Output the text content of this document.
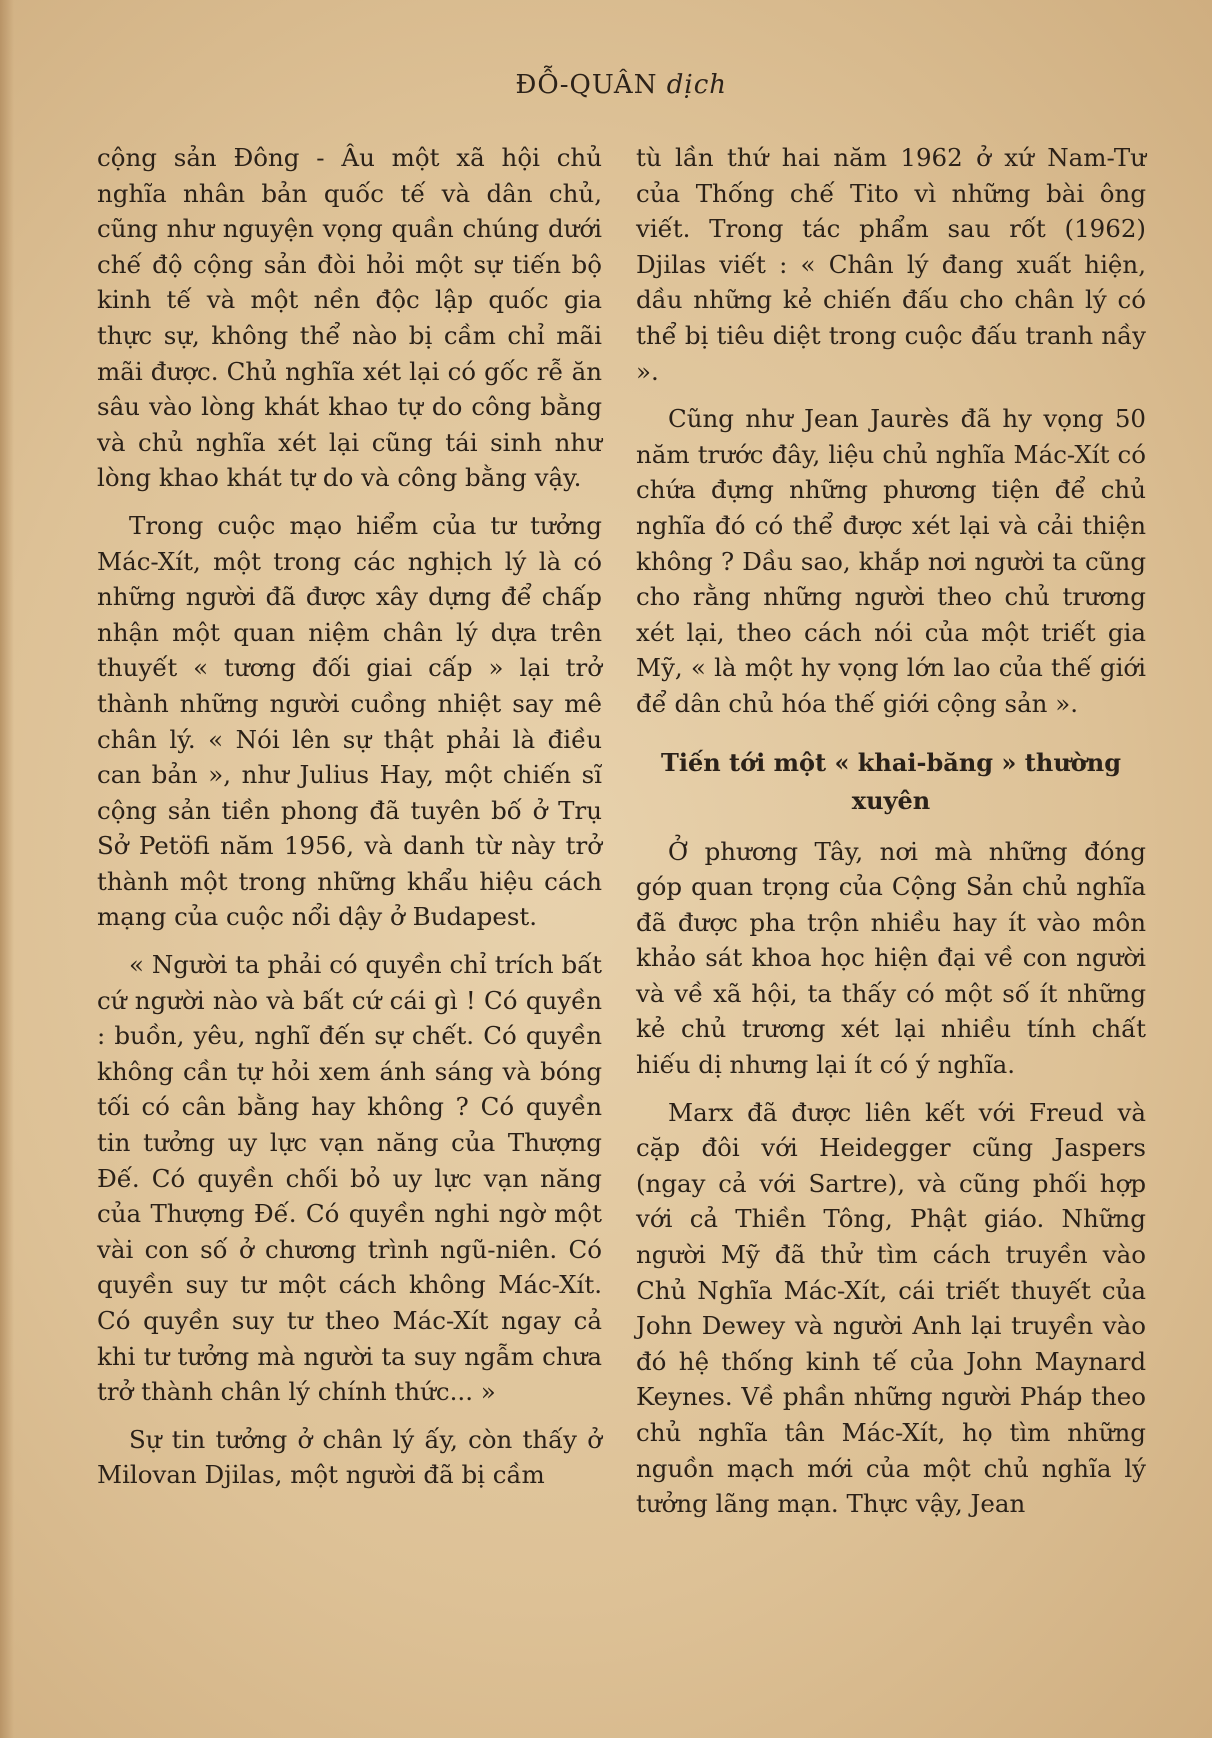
ĐỖ-QUÂN dịch

cộng sản Đông - Âu một xã hội chủ nghĩa nhân bản quốc tế và dân chủ, cũng như nguyện vọng quần chúng dưới chế độ cộng sản đòi hỏi một sự tiến bộ kinh tế và một nền độc lập quốc gia thực sự, không thể nào bị cầm chỉ mãi mãi được. Chủ nghĩa xét lại có gốc rễ ăn sâu vào lòng khát khao tự do công bằng và chủ nghĩa xét lại cũng tái sinh như lòng khao khát tự do và công bằng vậy.

Trong cuộc mạo hiểm của tư tưởng Mác-Xít, một trong các nghịch lý là có những người đã được xây dựng để chấp nhận một quan niệm chân lý dựa trên thuyết « tương đối giai cấp » lại trở thành những người cuồng nhiệt say mê chân lý. « Nói lên sự thật phải là điều can bản », như Julius Hay, một chiến sĩ cộng sản tiền phong đã tuyên bố ở Trụ Sở Petöfi năm 1956, và danh từ này trở thành một trong những khẩu hiệu cách mạng của cuộc nổi dậy ở Budapest.

« Người ta phải có quyền chỉ trích bất cứ người nào và bất cứ cái gì ! Có quyền : buồn, yêu, nghĩ đến sự chết. Có quyền không cần tự hỏi xem ánh sáng và bóng tối có cân bằng hay không ? Có quyền tin tưởng uy lực vạn năng của Thượng Đế. Có quyền chối bỏ uy lực vạn năng của Thượng Đế. Có quyền nghi ngờ một vài con số ở chương trình ngũ-niên. Có quyền suy tư một cách không Mác-Xít. Có quyền suy tư theo Mác-Xít ngay cả khi tư tưởng mà người ta suy ngẫm chưa trở thành chân lý chính thức... »

Sự tin tưởng ở chân lý ấy, còn thấy ở Milovan Djilas, một người đã bị cầm

tù lần thứ hai năm 1962 ở xứ Nam-Tư của Thống chế Tito vì những bài ông viết. Trong tác phẩm sau rốt (1962) Djilas viết : « Chân lý đang xuất hiện, dầu những kẻ chiến đấu cho chân lý có thể bị tiêu diệt trong cuộc đấu tranh nầy ».

Cũng như Jean Jaurès đã hy vọng 50 năm trước đây, liệu chủ nghĩa Mác-Xít có chứa đựng những phương tiện để chủ nghĩa đó có thể được xét lại và cải thiện không ? Dầu sao, khắp nơi người ta cũng cho rằng những người theo chủ trương xét lại, theo cách nói của một triết gia Mỹ, « là một hy vọng lớn lao của thế giới để dân chủ hóa thế giới cộng sản ».

Tiến tới một « khai-băng » thường xuyên

Ở phương Tây, nơi mà những đóng góp quan trọng của Cộng Sản chủ nghĩa đã được pha trộn nhiều hay ít vào môn khảo sát khoa học hiện đại về con người và về xã hội, ta thấy có một số ít những kẻ chủ trương xét lại nhiều tính chất hiếu dị nhưng lại ít có ý nghĩa.

Marx đã được liên kết với Freud và cặp đôi với Heidegger cũng Jaspers (ngay cả với Sartre), và cũng phối hợp với cả Thiền Tông, Phật giáo. Những người Mỹ đã thử tìm cách truyền vào Chủ Nghĩa Mác-Xít, cái triết thuyết của John Dewey và người Anh lại truyền vào đó hệ thống kinh tế của John Maynard Keynes. Về phần những người Pháp theo chủ nghĩa tân Mác-Xít, họ tìm những nguồn mạch mới của một chủ nghĩa lý tưởng lãng mạn. Thực vậy, Jean
